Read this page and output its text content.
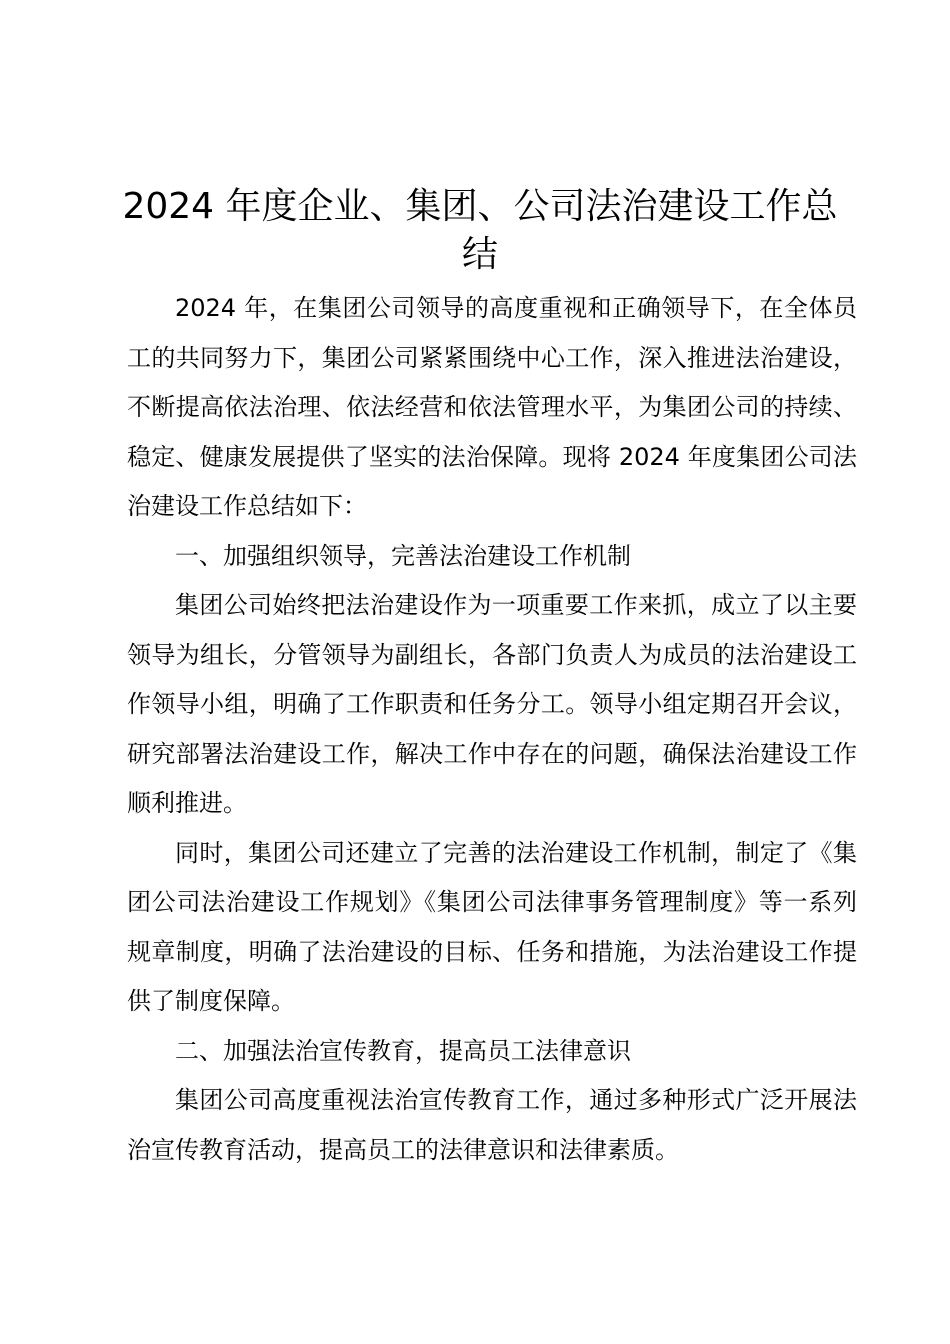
2024 年度企业、集团、公司法治建设工作总结

2024 年，在集团公司领导的高度重视和正确领导下，在全体员工的共同努力下，集团公司紧紧围绕中心工作，深入推进法治建设，不断提高依法治理、依法经营和依法管理水平，为集团公司的持续、稳定、健康发展提供了坚实的法治保障。现将 2024 年度集团公司法治建设工作总结如下：

一、加强组织领导，完善法治建设工作机制

集团公司始终把法治建设作为一项重要工作来抓，成立了以主要领导为组长，分管领导为副组长，各部门负责人为成员的法治建设工作领导小组，明确了工作职责和任务分工。领导小组定期召开会议，研究部署法治建设工作，解决工作中存在的问题，确保法治建设工作顺利推进。

同时，集团公司还建立了完善的法治建设工作机制，制定了《集团公司法治建设工作规划》《集团公司法律事务管理制度》等一系列规章制度，明确了法治建设的目标、任务和措施，为法治建设工作提供了制度保障。

二、加强法治宣传教育，提高员工法律意识

集团公司高度重视法治宣传教育工作，通过多种形式广泛开展法治宣传教育活动，提高员工的法律意识和法律素质。
